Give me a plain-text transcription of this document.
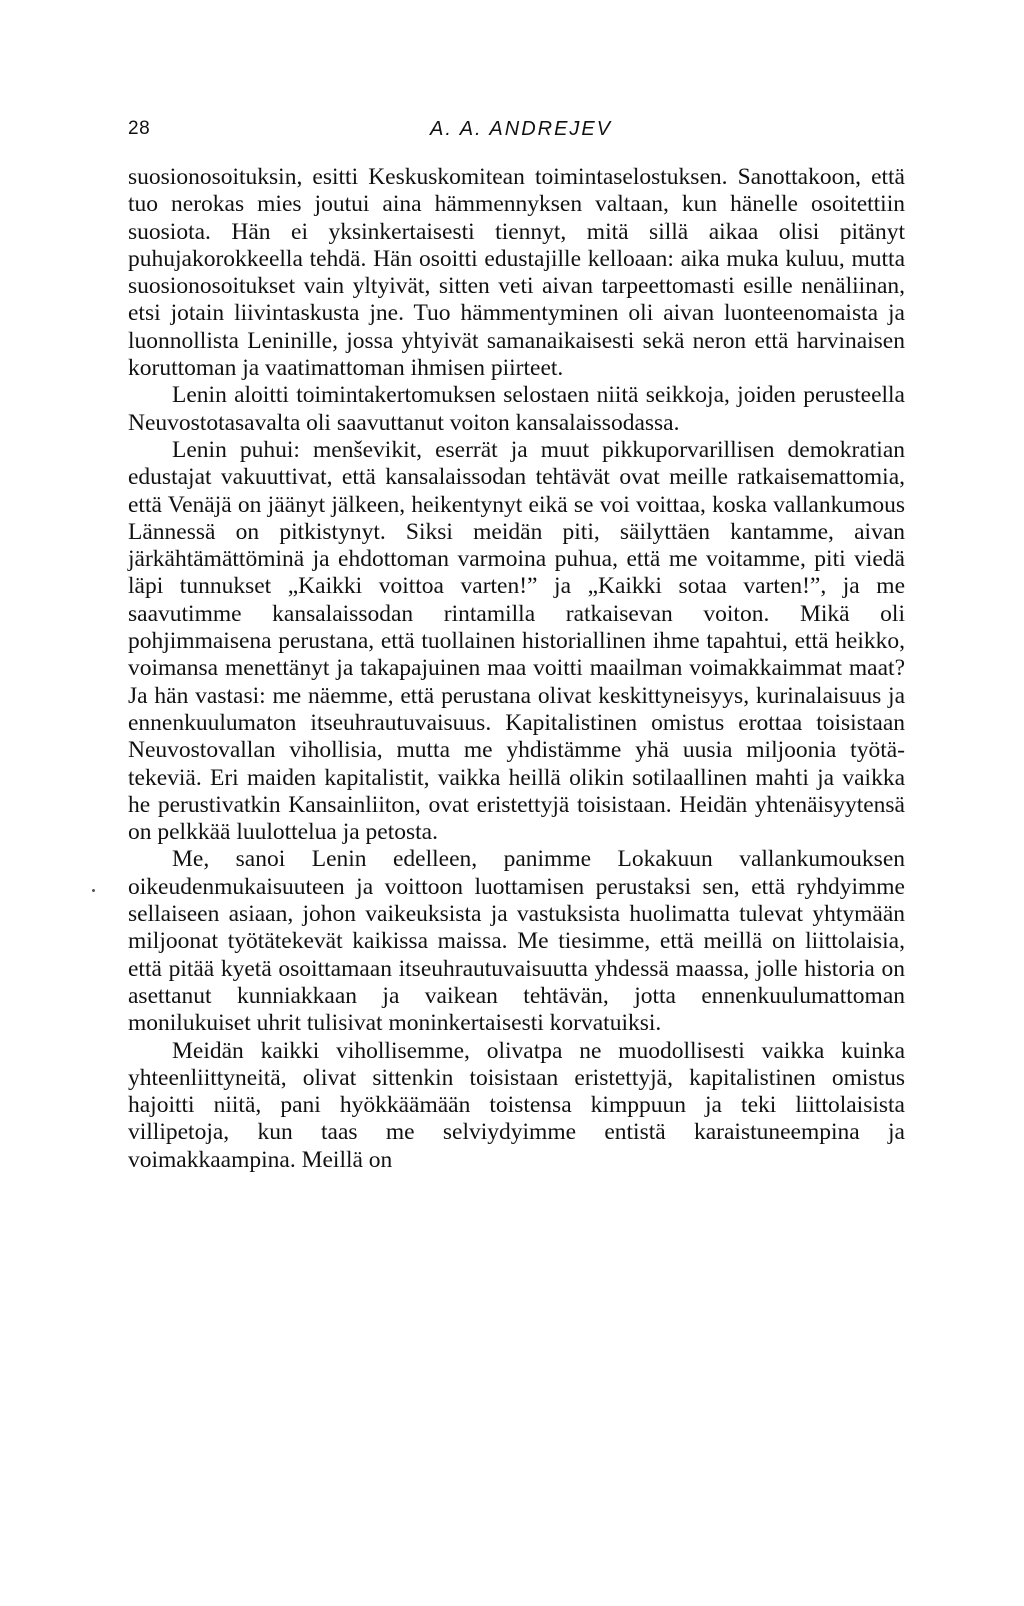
28	A. A. ANDREJEV

suosionosoituksin, esitti Keskuskomitean toimintaselostuksen. Sanottakoon, että tuo nerokas mies joutui aina hämmennyksen valtaan, kun hänelle osoitettiin suosiota. Hän ei yksinkertaisesti tiennyt, mitä sillä aikaa olisi pitänyt puhujakorokkeella tehdä. Hän osoitti edustajille kelloaan: aika muka kuluu, mutta suosionosoitukset vain yltyivät, sitten veti aivan tarpeettomasti esille nenäliinan, etsi jotain liivintaskusta jne. Tuo hämmentyminen oli aivan luonteenomaista ja luonnollista Leninille, jossa yhtyivät samanaikaisesti sekä neron että harvinaisen koruttoman ja vaatimattoman ihmisen piirteet.

Lenin aloitti toimintakertomuksen selostaen niitä seikkoja, joiden perusteella Neuvostotasavalta oli saavuttanut voiton kansalaissodassa.

Lenin puhui: menševikit, eserrät ja muut pikkuporvarillisen demokratian edustajat vakuuttivat, että kansalaissodan tehtävät ovat meille ratkaisemattomia, että Venäjä on jäänyt jälkeen, heikentynyt eikä se voi voittaa, koska vallankumous Lännessä on pitkistynyt. Siksi meidän piti, säilyttäen kantamme, aivan järkähtämättöminä ja ehdottoman varmoina puhua, että me voitamme, piti viedä läpi tunnukset „Kaikki voittoa varten!” ja „Kaikki sotaa varten!”, ja me saavutimme kansalaissodan rintamilla ratkaisevan voiton. Mikä oli pohjimmaisena perustana, että tuollainen historiallinen ihme tapahtui, että heikko, voimansa menettänyt ja takapajuinen maa voitti maailman voimakkaimmat maat? Ja hän vastasi: me näemme, että perustana olivat keskittyneisyys, kurinalaisuus ja ennenkuulumaton itseuhrautuvaisuus. Kapitalistinen omistus erottaa toisistaan Neuvostovallan vihollisia, mutta me yhdistämme yhä uusia miljoonia työtätekeviä. Eri maiden kapitalistit, vaikka heillä olikin sotilaallinen mahti ja vaikka he perustivatkin Kansainliiton, ovat eristettyjä toisistaan. Heidän yhtenäisyytensä on pelkkää luulottelua ja petosta.

Me, sanoi Lenin edelleen, panimme Lokakuun vallankumouksen oikeudenmukaisuuteen ja voittoon luottamisen perustaksi sen, että ryhdyimme sellaiseen asiaan, johon vaikeuksista ja vastuksista huolimatta tulevat yhtymään miljoonat työtätekevät kaikissa maissa. Me tiesimme, että meillä on liittolaisia, että pitää kyetä osoittamaan itseuhrautuvaisuutta yhdessä maassa, jolle historia on asettanut kunniakkaan ja vaikean tehtävän, jotta ennenkuulumattoman monilukuiset uhrit tulisivat moninkertaisesti korvatuiksi.

Meidän kaikki vihollisemme, olivatpa ne muodollisesti vaikka kuinka yhteenliittyneitä, olivat sittenkin toisistaan eristettyjä, kapitalistinen omistus hajoitti niitä, pani hyökkäämään toistensa kimppuun ja teki liittolaisista villipetoja, kun taas me selviydyimme entistä karaistuneempina ja voimakkaampina. Meillä on
